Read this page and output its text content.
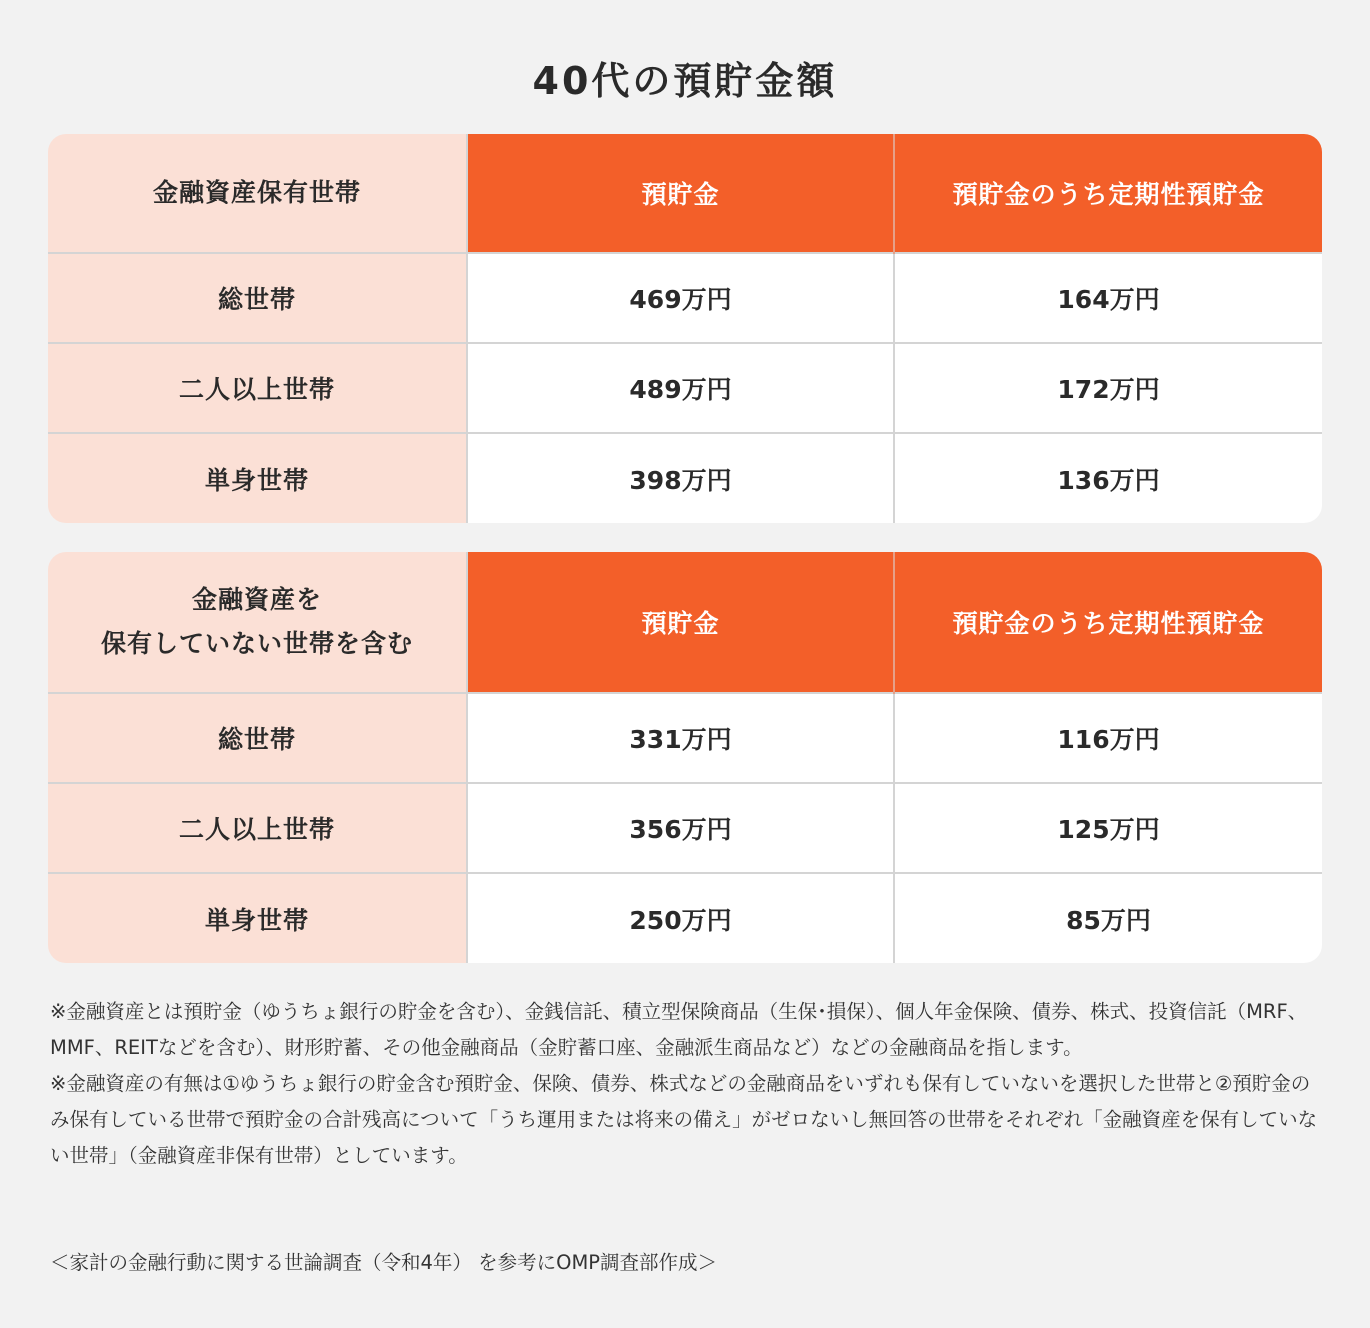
40代の預貯金額
金融資産保有世帯	預貯金	預貯金のうち定期性預貯金
総世帯	469万円	164万円
二人以上世帯	489万円	172万円
単身世帯	398万円	136万円
金融資産を
保有していない世帯を含む	預貯金	預貯金のうち定期性預貯金
総世帯	331万円	116万円
二人以上世帯	356万円	125万円
単身世帯	250万円	85万円

※金融資産とは預貯金（ゆうちょ銀行の貯金を含む）、金銭信託、積立型保険商品（生保･損保）、個人年金保険、債券、株式、投資信託（MRF、MMF、REITなどを含む）、財形貯蓄、その他金融商品（金貯蓄口座、金融派生商品など）などの金融商品を指します。

※金融資産の有無は①ゆうちょ銀行の貯金含む預貯金、保険、債券、株式などの金融商品をいずれも保有していないを選択した世帯と②預貯金のみ保有している世帯で預貯金の合計残高について「うち運用または将来の備え」がゼロないし無回答の世帯をそれぞれ「金融資産を保有していない世帯」（金融資産非保有世帯）としています。

＜家計の金融行動に関する世論調査（令和4年） を参考にOMP調査部作成＞
